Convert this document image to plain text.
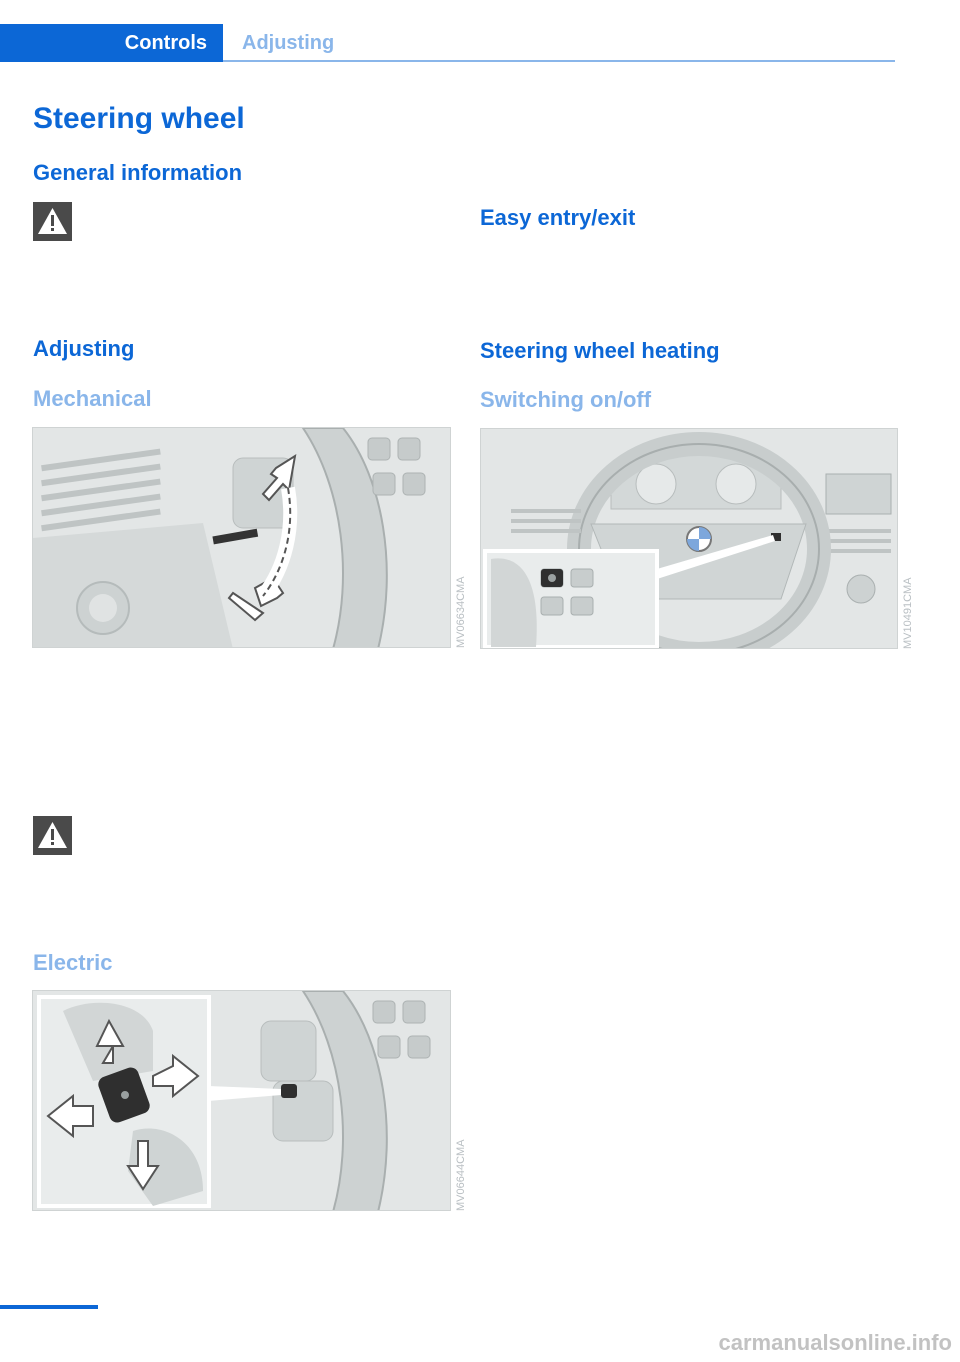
Controls	Adjusting
Steering wheel
General information
Adjusting
Mechanical
MV06634CMA
Electric
MV06644CMA
Easy entry/exit
Steering wheel heating
Switching on/off
MV10491CMA
carmanualsonline.info
